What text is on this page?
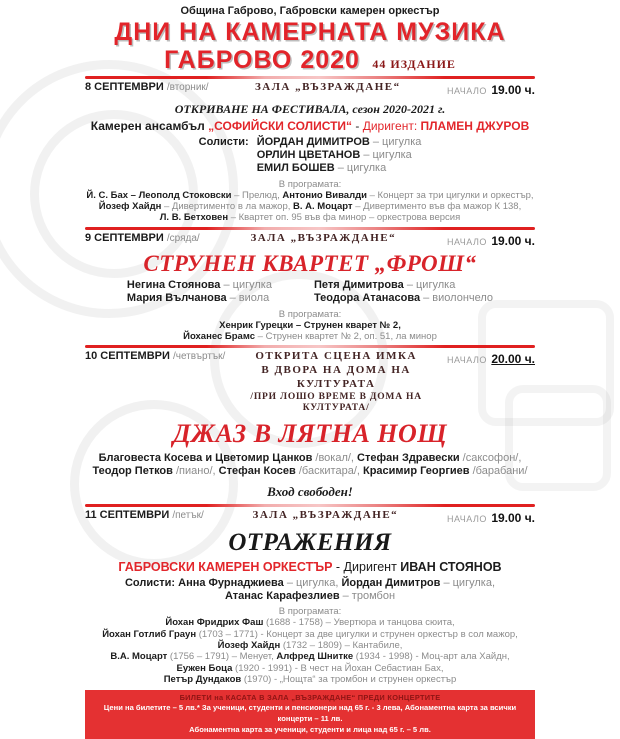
Община Габрово, Габровски камерен оркестър
ДНИ НА КАМЕРНАТА МУЗИКА
ГАБРОВО 2020 44 ИЗДАНИЕ
8 СЕПТЕМВРИ /вторник/	ЗАЛА „ВЪЗРАЖДАНЕ“	НАЧАЛО 19.00 ч.
ОТКРИВАНЕ НА ФЕСТИВАЛА, сезон 2020-2021 г.
Камерен ансамбъл „СОФИЙСКИ СОЛИСТИ“ - Диригент: ПЛАМЕН ДЖУРОВ
Солисти: ЙОРДАН ДИМИТРОВ – цигулка
ОРЛИН ЦВЕТАНОВ – цигулка
ЕМИЛ БОШЕВ – цигулка
В програмата:
Й. С. Бах – Леополд Стоковски – Прелюд, Антонио Вивалди – Концерт за три цигулки и оркестър,
Йозеф Хайдн – Дивертименто в ла мажор, В. А. Моцарт – Дивертименто във фа мажор К 138,
Л. В. Бетховен – Квартет оп. 95 във фа минор – оркестрова версия
9 СЕПТЕМВРИ /сряда/	ЗАЛА „ВЪЗРАЖДАНЕ“	НАЧАЛО 19.00 ч.
СТРУНЕН КВАРТЕТ „ФРОШ“
Негина Стоянова – цигулка	Петя Димитрова – цигулка
Мария Вълчанова – виола	Теодора Атанасова – виолончело
В програмата:
Хенрик Гурецки – Струнен кварет № 2,
Йоханес Брамс – Струнен квартет № 2, оп. 51, ла минор
10 СЕПТЕМВРИ /четвъртък/	ОТКРИТА СЦЕНА ИМКА
В ДВОРА НА ДОМА НА КУЛТУРАТА
/ПРИ ЛОШО ВРЕМЕ В ДОМА НА КУЛТУРАТА/
НАЧАЛО 20.00 ч.
ДЖАЗ В ЛЯТНА НОЩ
Благовеста Косева и Цветомир Цанков /вокал/, Стефан Здравески /саксофон/,
Теодор Петков /пиано/, Стефан Косев /баскитара/, Красимир Георгиев /барабани/
Вход свободен!
11 СЕПТЕМВРИ /петък/	ЗАЛА „ВЪЗРАЖДАНЕ“	НАЧАЛО 19.00 ч.
ОТРАЖЕНИЯ
ГАБРОВСКИ КАМЕРЕН ОРКЕСТЪР - Диригент ИВАН СТОЯНОВ
Солисти: Анна Фурнаджиева – цигулка, Йордан Димитров – цигулка,
Атанас Карафезлиев – тромбон
В програмата:
Йохан Фридрих Фаш (1688 - 1758) – Увертюра и танцова сюита,
Йохан Готлиб Граун (1703 – 1771) - Концерт за две цигулки и струнен оркестър в сол мажор,
Йозеф Хайдн (1732 – 1809) – Кантабиле,
В.А. Моцарт (1756 – 1791) – Менует, Алфред Шнитке (1934 - 1998) - Моц-арт ала Хайдн,
Еужен Боца (1920 - 1991) - В чест на Йохан Себастиан Бах,
Петър Дундаков (1970) - „Нощта“ за тромбон и струнен оркестър
БИЛЕТИ на КАСАТА В ЗАЛА „ВЪЗРАЖДАНЕ“ ПРЕДИ КОНЦЕРТИТЕ
Цени на билетите – 5 лв.* За ученици, студенти и пенсионери над 65 г. - 3 лева, Абонаментна карта за всички концерти – 11 лв.
Абонаментна карта за ученици, студенти и лица над 65 г. – 5 лв.
